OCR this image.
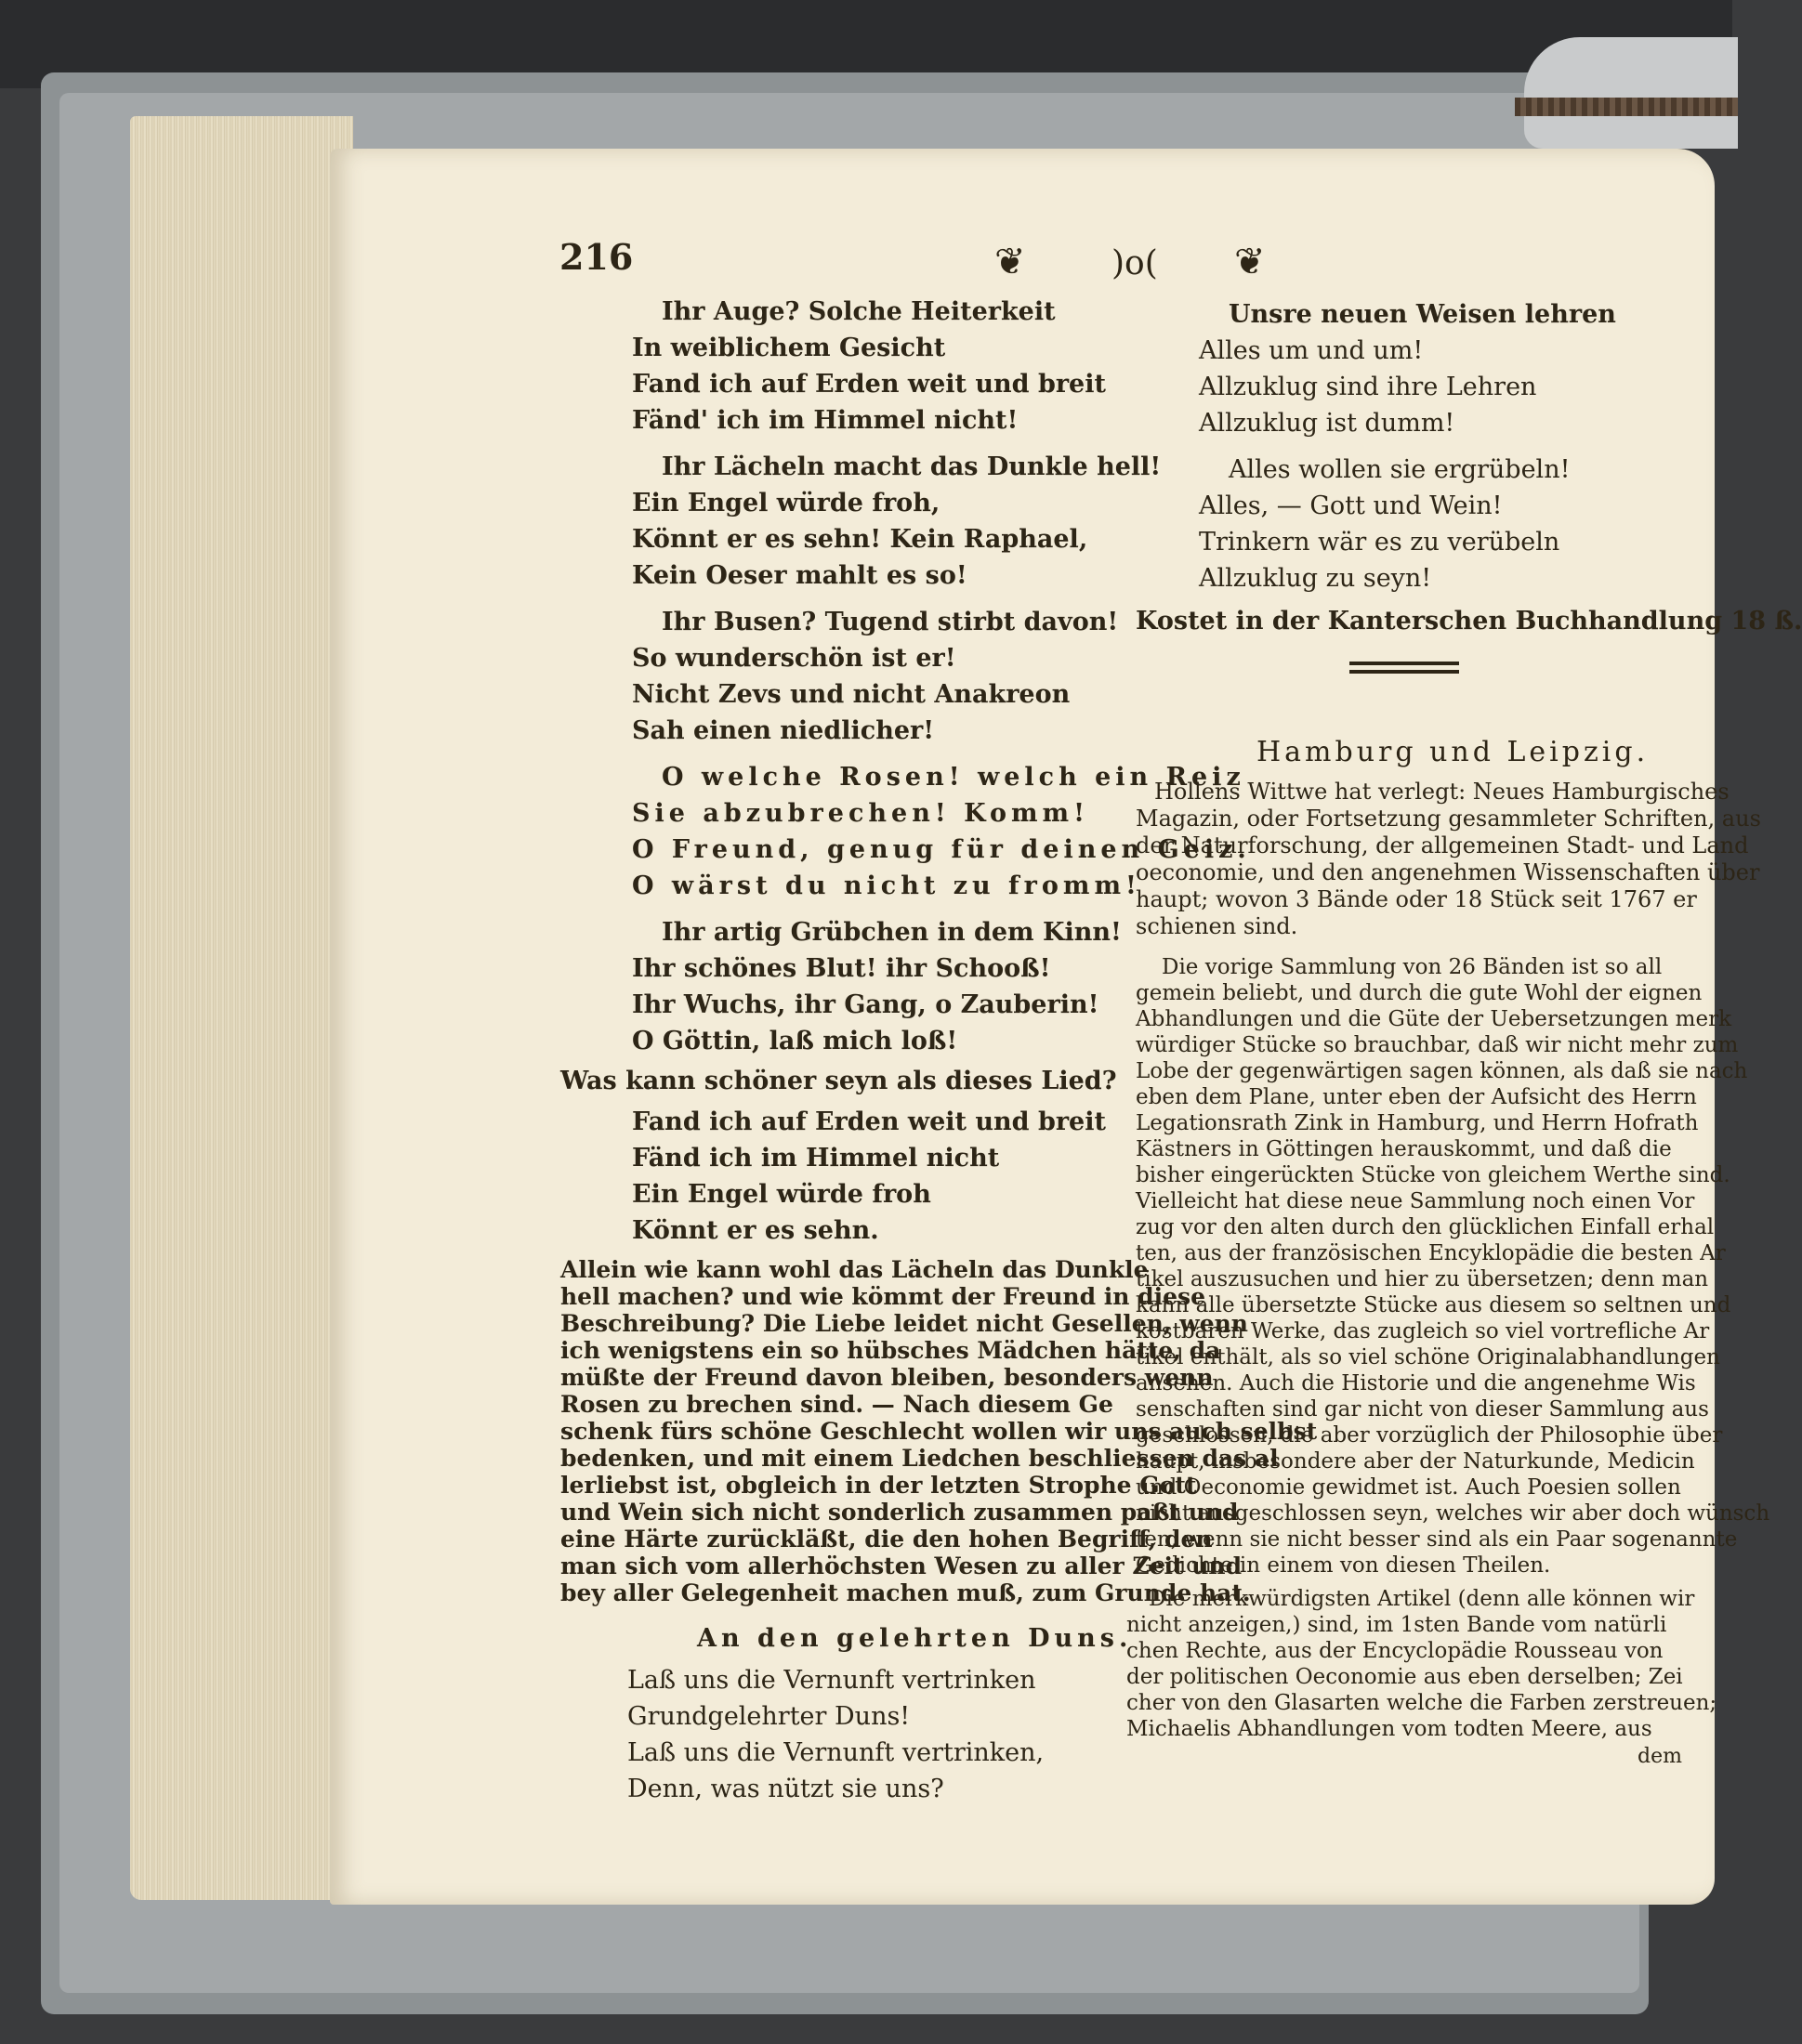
216	❦	)o( ❦
Ihr Auge? Solche Heiterkeit
In weiblichem Gesicht
Fand ich auf Erden weit und breit
Fänd' ich im Himmel nicht!
Ihr Lächeln macht das Dunkle hell!
Ein Engel würde froh,
Könnt er es sehn! Kein Raphael,
Kein Oeser mahlt es so!
Ihr Busen? Tugend stirbt davon!
So wunderschön ist er!
Nicht Zevs und nicht Anakreon
Sah einen niedlicher!
O welche Rosen! welch ein Reiz
Sie abzubrechen! Komm!
O Freund, genug für deinen Geiz.
O wärst du nicht zu fromm!
Ihr artig Grübchen in dem Kinn!
Ihr schönes Blut! ihr Schooß!
Ihr Wuchs, ihr Gang, o Zauberin!
O Göttin, laß mich loß!
Was kann schöner seyn als dieses Lied?
Fand ich auf Erden weit und breit
Fänd ich im Himmel nicht
Ein Engel würde froh
Könnt er es sehn.
Allein wie kann wohl das Lächeln das Dunkle
hell machen? und wie kömmt der Freund in diese
Beschreibung? Die Liebe leidet nicht Gesellen, wenn
ich wenigstens ein so hübsches Mädchen hätte, da
müßte der Freund davon bleiben, besonders wenn
Rosen zu brechen sind. — Nach diesem Ge
schenk fürs schöne Geschlecht wollen wir uns auch selbst
bedenken, und mit einem Liedchen beschliessen das al
lerliebst ist, obgleich in der letzten Strophe Gott
und Wein sich nicht sonderlich zusammen paßt und
eine Härte zurückläßt, die den hohen Begriff, den
man sich vom allerhöchsten Wesen zu aller Zeit und
bey aller Gelegenheit machen muß, zum Grunde hat.
An den gelehrten Duns.
Laß uns die Vernunft vertrinken
Grundgelehrter Duns!
Laß uns die Vernunft vertrinken,
Denn, was nützt sie uns?
Unsre neuen Weisen lehren
Alles um und um!
Allzuklug sind ihre Lehren
Allzuklug ist dumm!
Alles wollen sie ergrübeln!
Alles, — Gott und Wein!
Trinkern wär es zu verübeln
Allzuklug zu seyn!
Kostet in der Kanterschen Buchhandlung 18 ß.
Hamburg und Leipzig.
Hollens Wittwe hat verlegt: Neues Hamburgisches
Magazin, oder Fortsetzung gesammleter Schriften, aus
der Naturforschung, der allgemeinen Stadt- und Land
oeconomie, und den angenehmen Wissenschaften über
haupt; wovon 3 Bände oder 18 Stück seit 1767 er
schienen sind.
Die vorige Sammlung von 26 Bänden ist so all
gemein beliebt, und durch die gute Wohl der eignen
Abhandlungen und die Güte der Uebersetzungen merk
würdiger Stücke so brauchbar, daß wir nicht mehr zum
Lobe der gegenwärtigen sagen können, als daß sie nach
eben dem Plane, unter eben der Aufsicht des Herrn
Legationsrath Zink in Hamburg, und Herrn Hofrath
Kästners in Göttingen herauskommt, und daß die
bisher eingerückten Stücke von gleichem Werthe sind.
Vielleicht hat diese neue Sammlung noch einen Vor
zug vor den alten durch den glücklichen Einfall erhal
ten, aus der französischen Encyklopädie die besten Ar
tikel auszusuchen und hier zu übersetzen; denn man
kann alle übersetzte Stücke aus diesem so seltnen und
kostbaren Werke, das zugleich so viel vortrefliche Ar
tikel enthält, als so viel schöne Originalabhandlungen
ansehen. Auch die Historie und die angenehme Wis
senschaften sind gar nicht von dieser Sammlung aus
geschlossen, die aber vorzüglich der Philosophie über
haupt, insbesondere aber der Naturkunde, Medicin
und Oeconomie gewidmet ist. Auch Poesien sollen
nicht ausgeschlossen seyn, welches wir aber doch wünsch
ten, wenn sie nicht besser sind als ein Paar sogenannte
Gedichte in einem von diesen Theilen.
Die merkwürdigsten Artikel (denn alle können wir
nicht anzeigen,) sind, im 1sten Bande vom natürli
chen Rechte, aus der Encyclopädie Rousseau von
der politischen Oeconomie aus eben derselben; Zei
cher von den Glasarten welche die Farben zerstreuen;
Michaelis Abhandlungen vom todten Meere, aus
dem
